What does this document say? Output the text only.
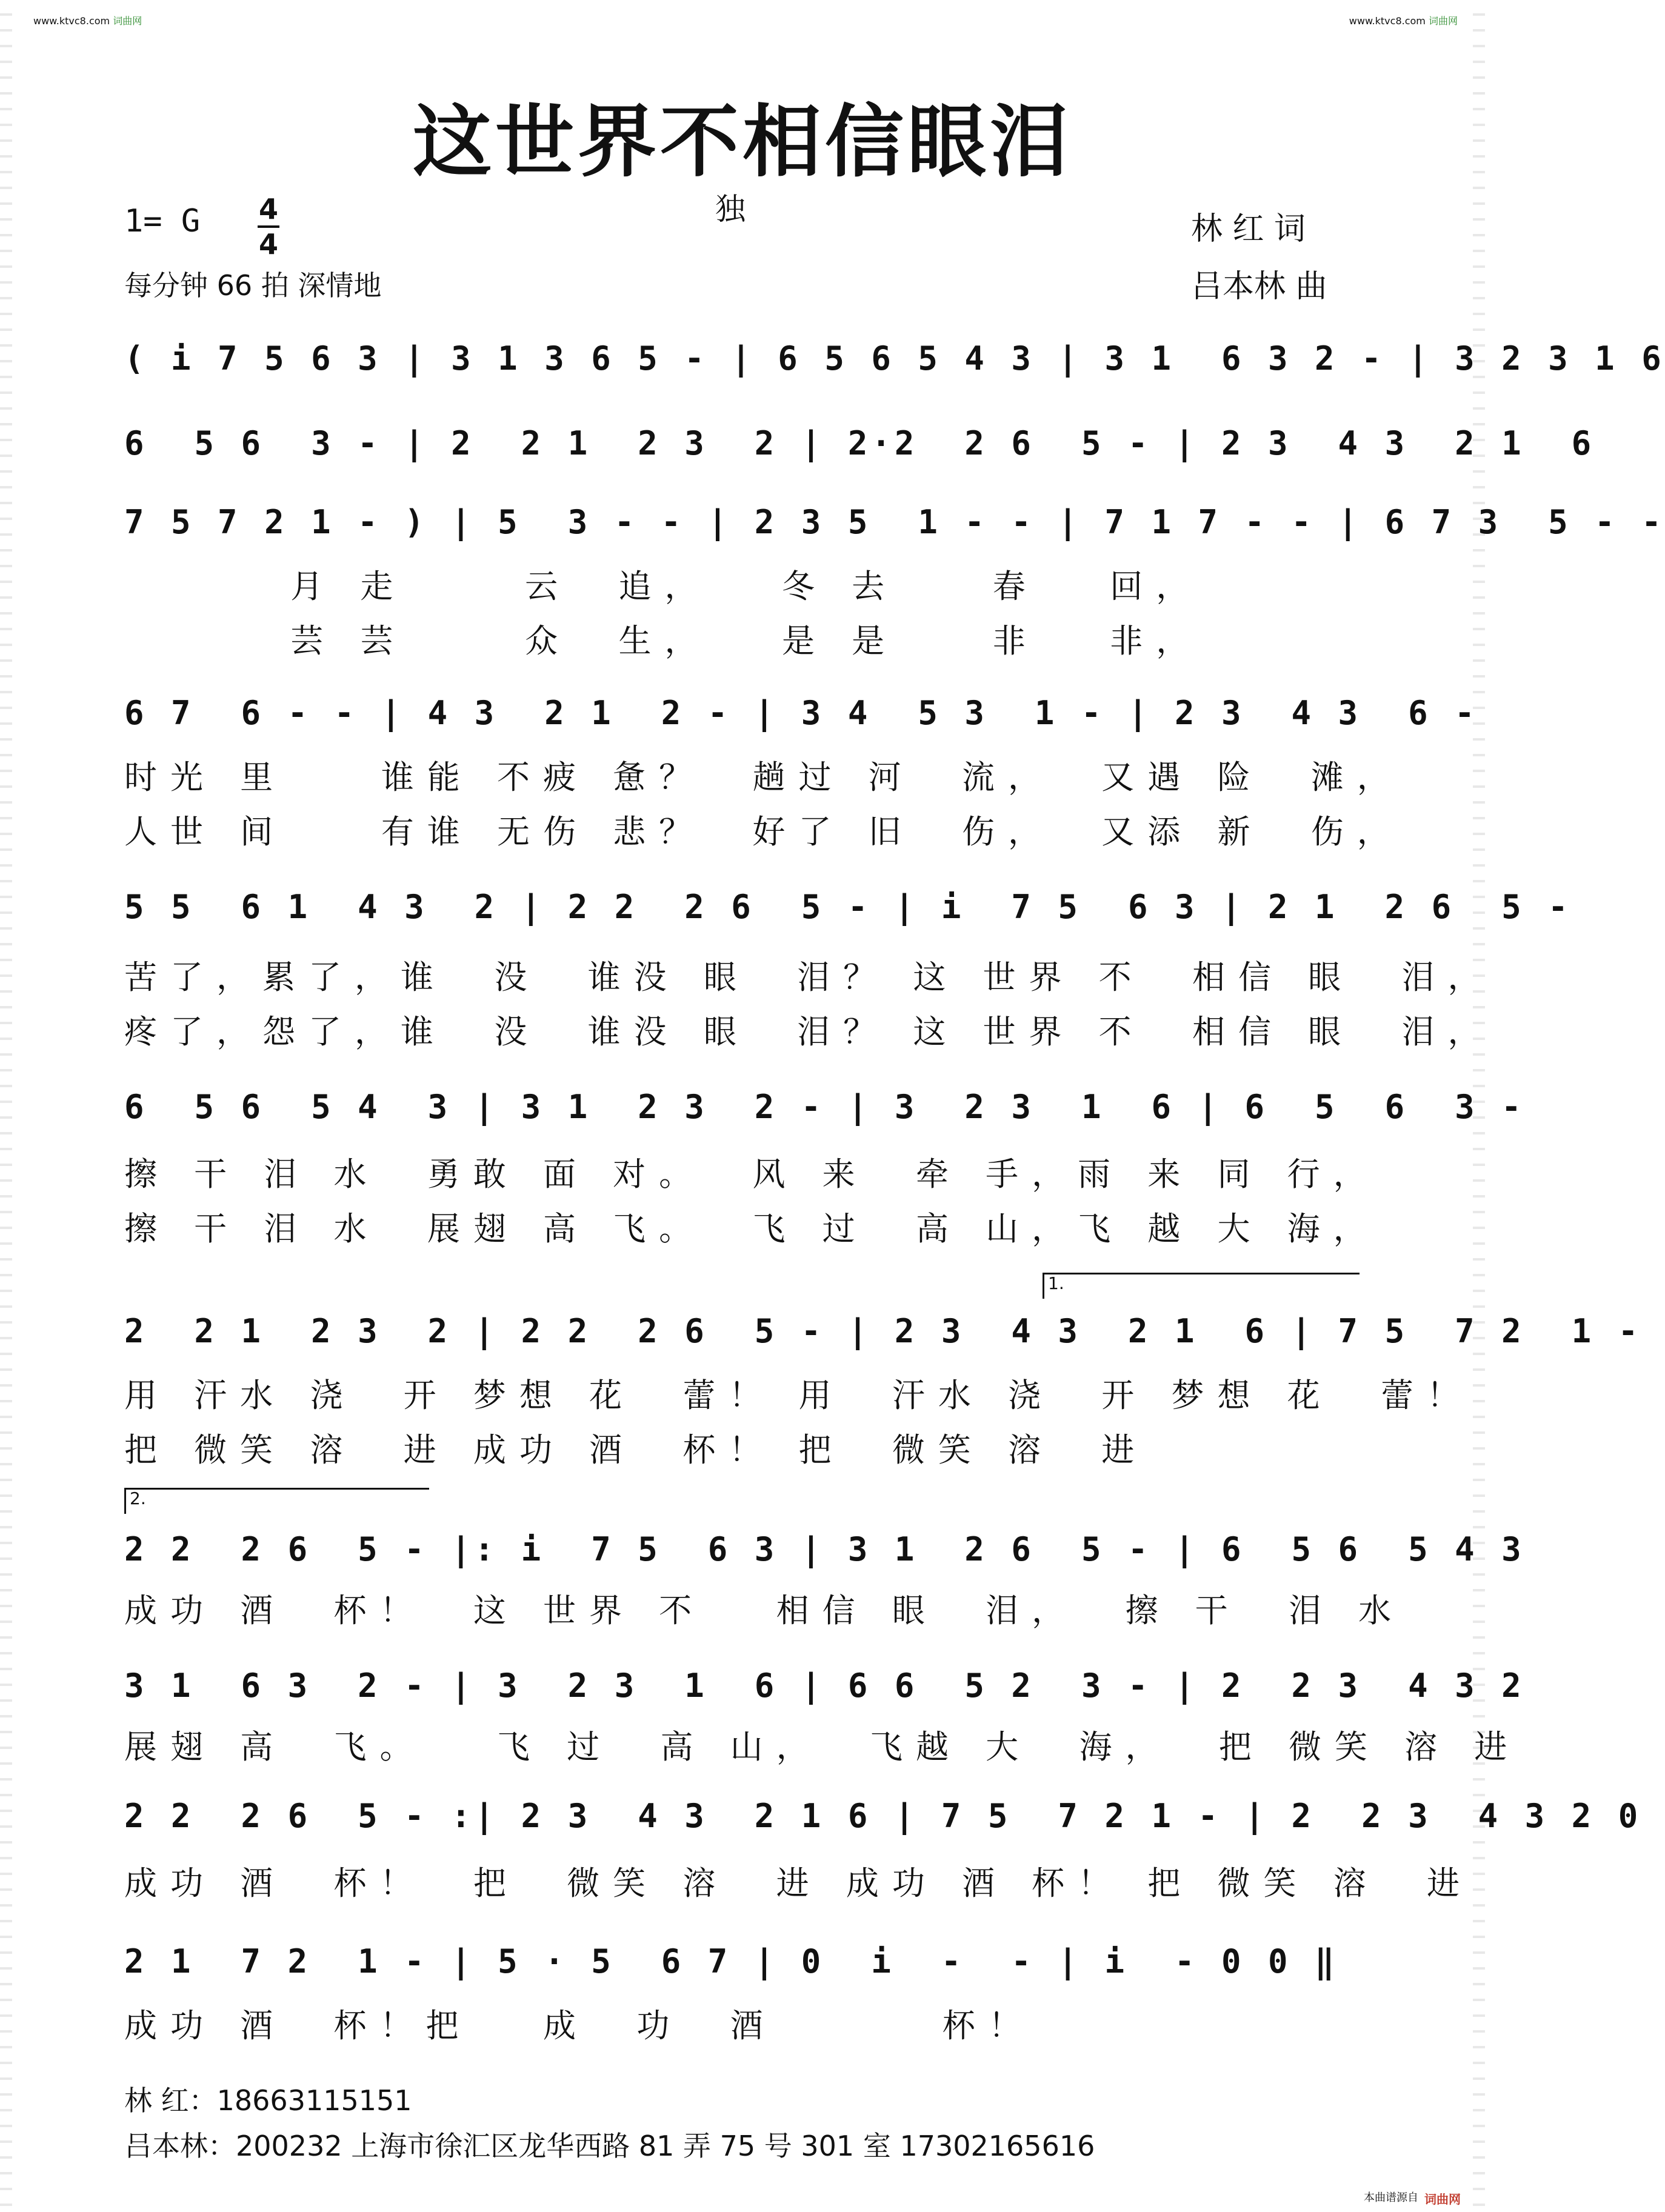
www.ktvc8.com 词曲网	www.ktvc8.com 词曲网
这世界不相信眼泪
1= G 4
4
独
林 红 词
吕本林 曲
每分钟 66 拍 深情地
( i 7 5 6 3 | 3 1 3 6 5 - | 6 5 6 5 4 3 | 3 1  6 3 2 - | 3 2 3 1 6
6  5 6  3 - | 2  2 1  2 3  2 | 2·2  2 6  5 - | 2 3  4 3  2 1  6
7 5 7 2 1 - ) | 5  3 - - | 2 3 5  1 - - | 7 1 7 - - | 6 7 3  5 - -
月 走     云  追，   冬 去    春   回，
芸 芸     众  生，   是 是    非   非，
6 7  6 - - | 4 3  2 1  2 - | 3 4  5 3  1 - | 2 3  4 3  6 -
时光 里    谁能 不疲 惫？  趟过 河  流，  又遇 险  滩，
人世 间    有谁 无伤 悲？  好了 旧  伤，  又添 新  伤，
5 5  6 1  4 3  2 | 2 2  2 6  5 - | i  7 5  6 3 | 2 1  2 6  5 -
苦了，累了，谁  没  谁没 眼  泪？ 这 世界 不  相信 眼  泪，
疼了，怨了，谁  没  谁没 眼  泪？ 这 世界 不  相信 眼  泪，
6  5 6  5 4  3 | 3 1  2 3  2 - | 3  2 3  1  6 | 6  5  6  3 -
擦 干 泪 水  勇敢 面 对。  风 来  牵 手，雨 来 同 行，
擦 干 泪 水  展翅 高 飞。  飞 过  高 山，飞 越 大 海，
1.
2  2 1  2 3  2 | 2 2  2 6  5 - | 2 3  4 3  2 1  6 | 7 5  7 2  1 -
用 汗水 浇  开 梦想 花  蕾！ 用  汗水 浇  开 梦想 花  蕾！
把 微笑 溶  进 成功 酒  杯！ 把  微笑 溶  进
2.
2 2  2 6  5 - |: i  7 5  6 3 | 3 1  2 6  5 - | 6  5 6  5 4 3
成功 酒  杯！  这 世界 不   相信 眼  泪，  擦 干  泪 水
3 1  6 3  2 - | 3  2 3  1  6 | 6 6  5 2  3 - | 2  2 3  4 3 2
展翅 高  飞。   飞 过  高 山，  飞越 大  海，  把 微笑 溶 进
2 2  2 6  5 - :| 2 3  4 3  2 1 6 | 7 5  7 2 1 - | 2  2 3  4 3 2 0
成功 酒  杯！  把  微笑 溶  进 成功 酒 杯！ 把 微笑 溶  进
2 1  7 2  1 - | 5 · 5  6 7 | 0  i  -  - | i  - 0 0 ‖
成功 酒  杯！把   成  功  酒       杯！
林 红：18663115151
吕本林：200232 上海市徐汇区龙华西路 81 弄 75 号 301 室 17302165616
本曲谱源自 词曲网
